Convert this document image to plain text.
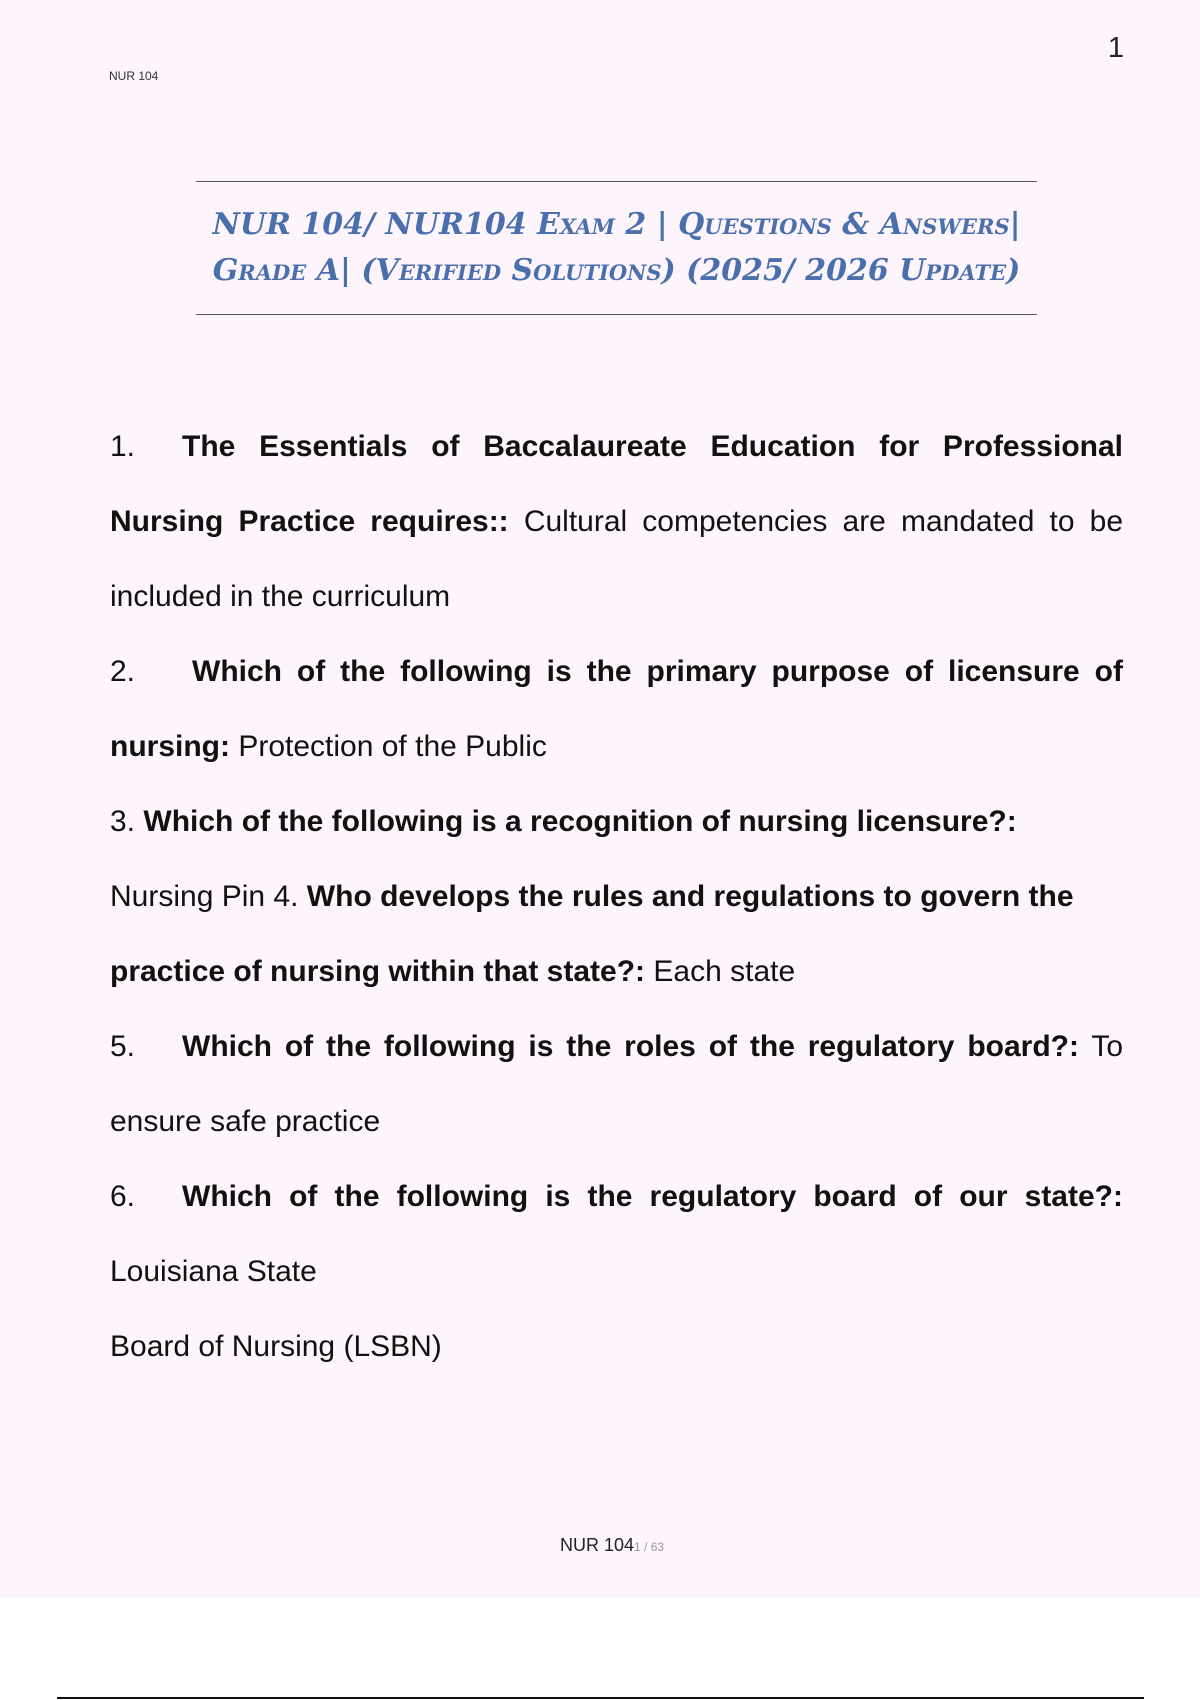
1
NUR 104
NUR 104/ NUR104 Exam 2 | Questions & Answers|
Grade A| (Verified Solutions) (2025/ 2026 Update)

1. The Essentials of Baccalaureate Education for Professional Nursing Practice requires:: Cultural competencies are mandated to be included in the curriculum

2. Which of the following is the primary purpose of licensure of nursing: Protection of the Public

3. Which of the following is a recognition of nursing licensure?:
Nursing Pin 4. Who develops the rules and regulations to govern the practice of nursing within that state?: Each state

5. Which of the following is the roles of the regulatory board?: To ensure safe practice

6. Which of the following is the regulatory board of our state?: Louisiana State

Board of Nursing (LSBN)

NUR 1041 / 63
